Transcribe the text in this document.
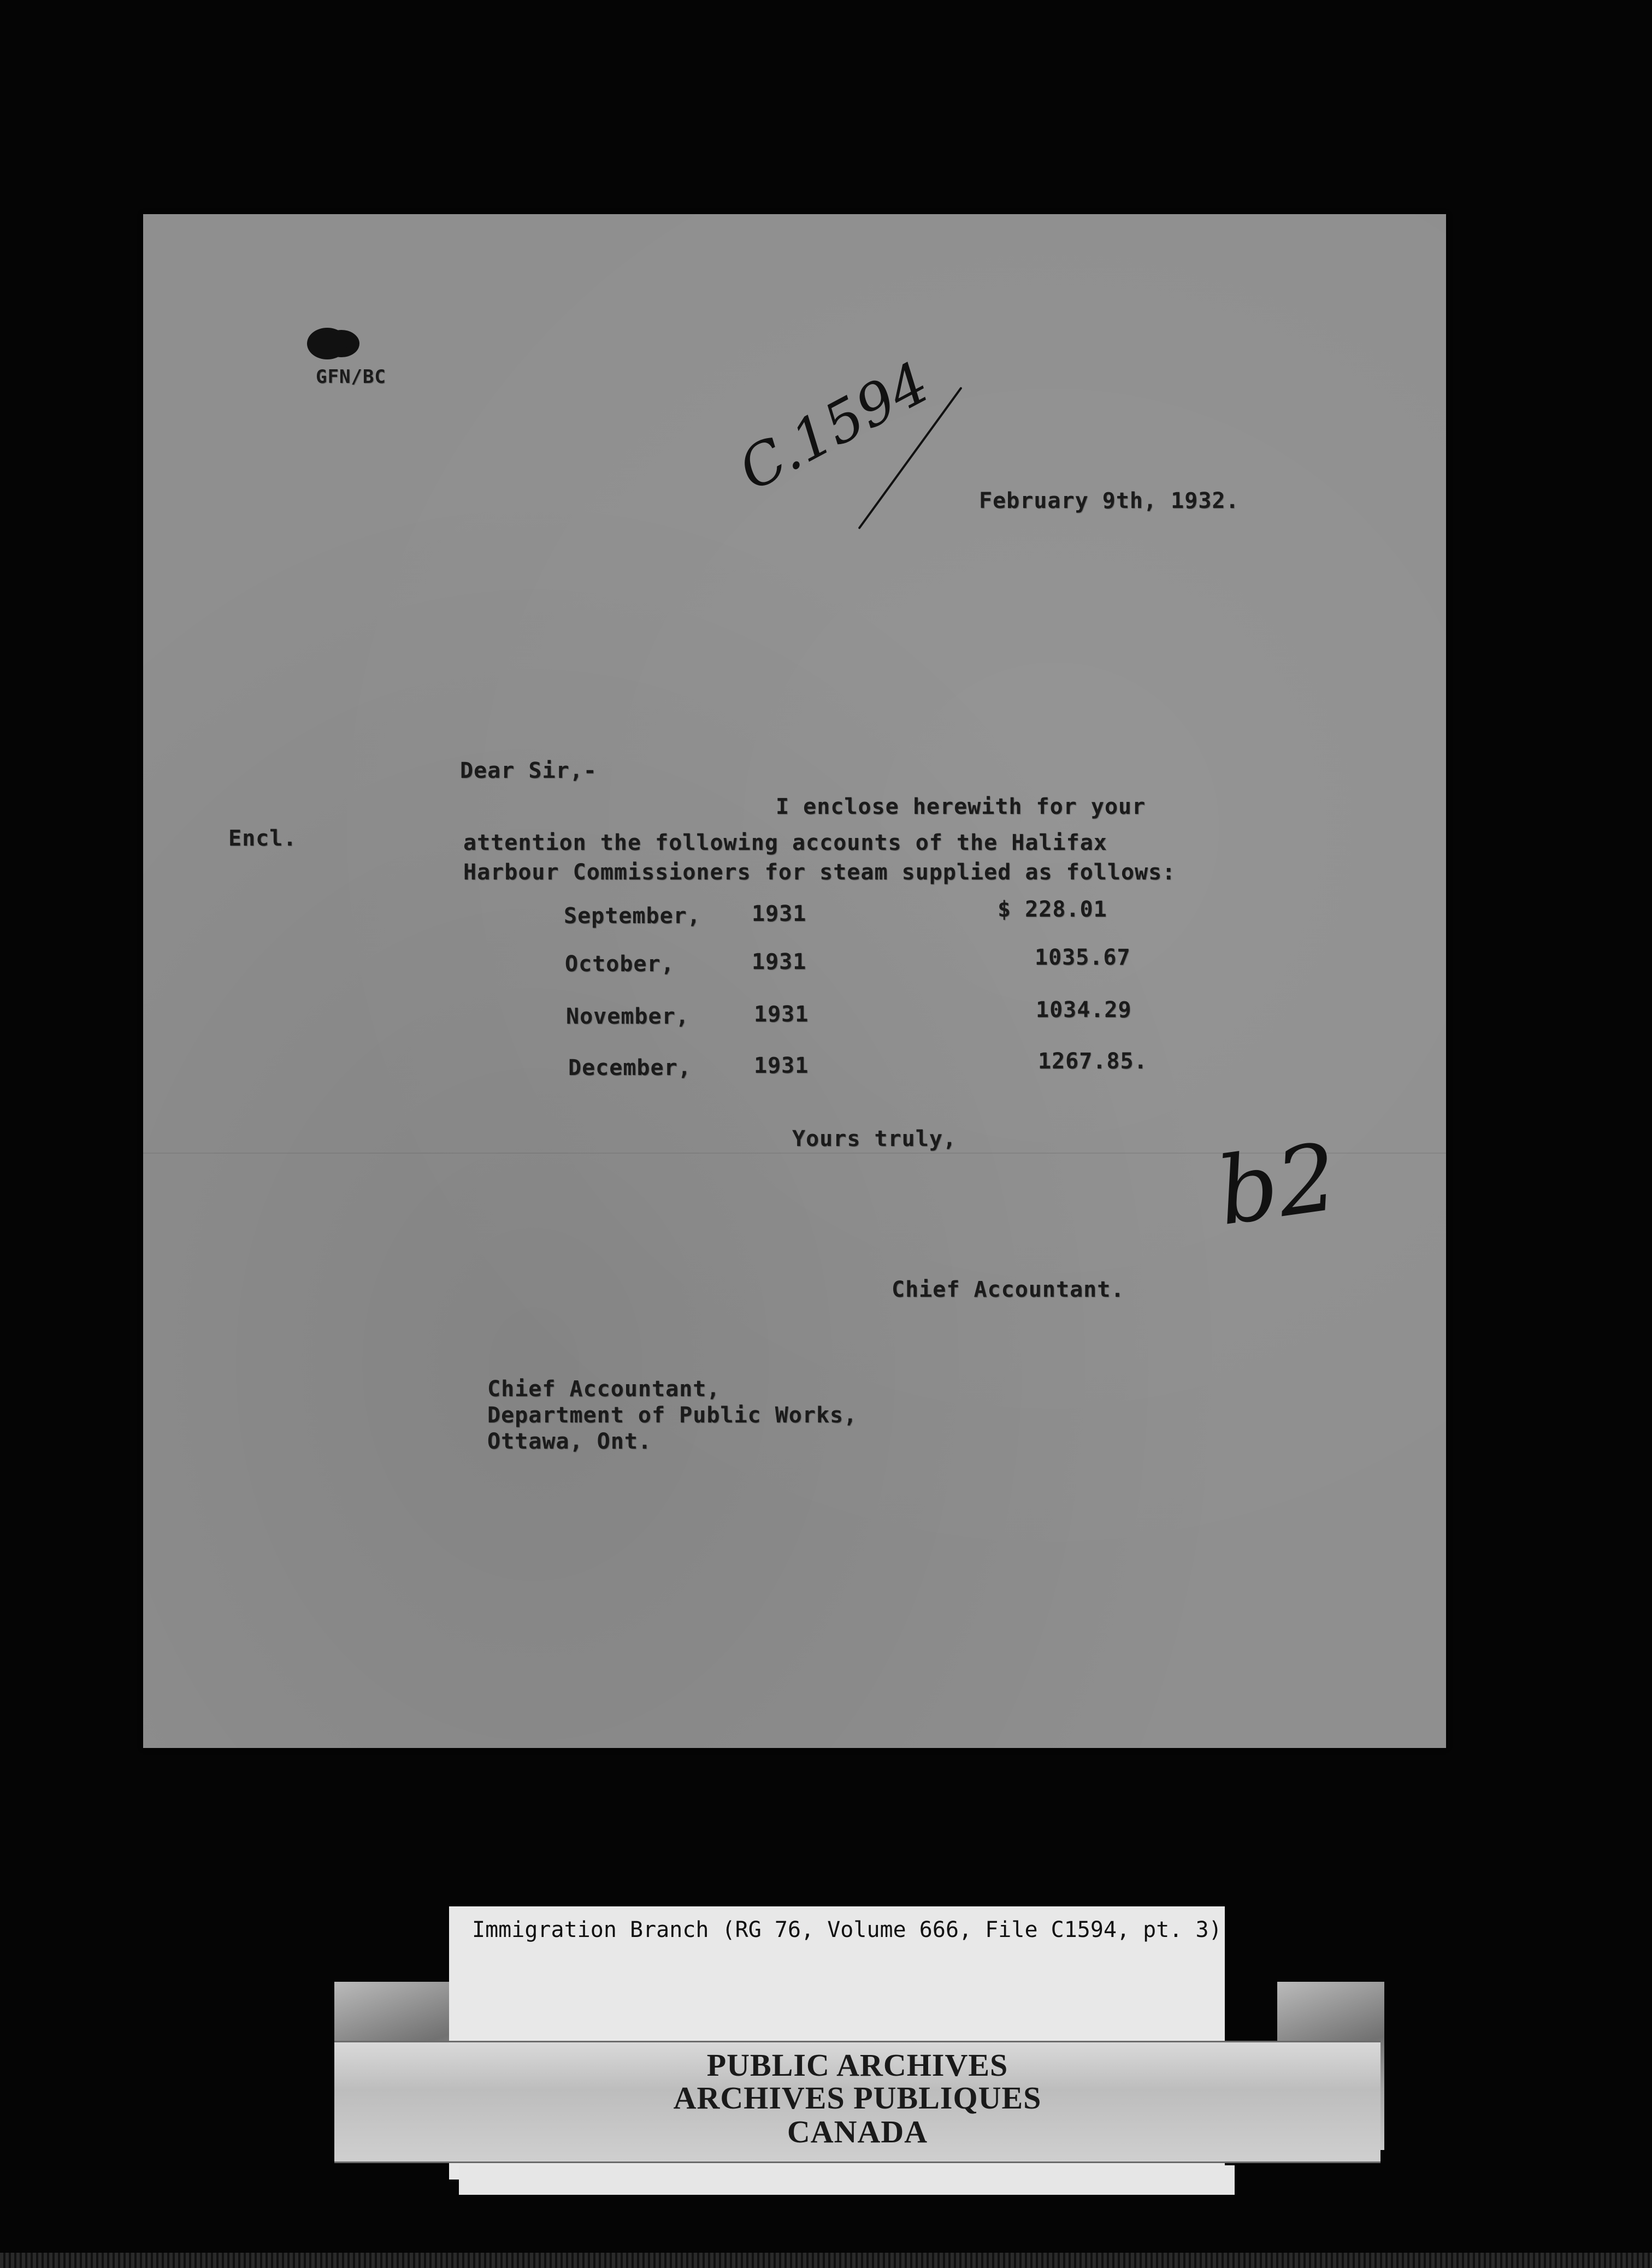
GFN/BC	C.1594 February 9th, 1932.
Dear Sir,-
Encl.
I enclose herewith for your
attention the following accounts of the Halifax
Harbour Commissioners for steam supplied as follows:
September, 1931	$ 228.01
October,	1931	1035.67
November,	1931	1034.29
December,	1931	1267.85.
Yours truly,	b2
Chief Accountant.
Chief Accountant,
Department of Public Works,
Ottawa, Ont.
Immigration Branch (RG 76, Volume 666, File C1594, pt. 3)
PUBLIC ARCHIVES
ARCHIVES PUBLIQUES
CANADA
